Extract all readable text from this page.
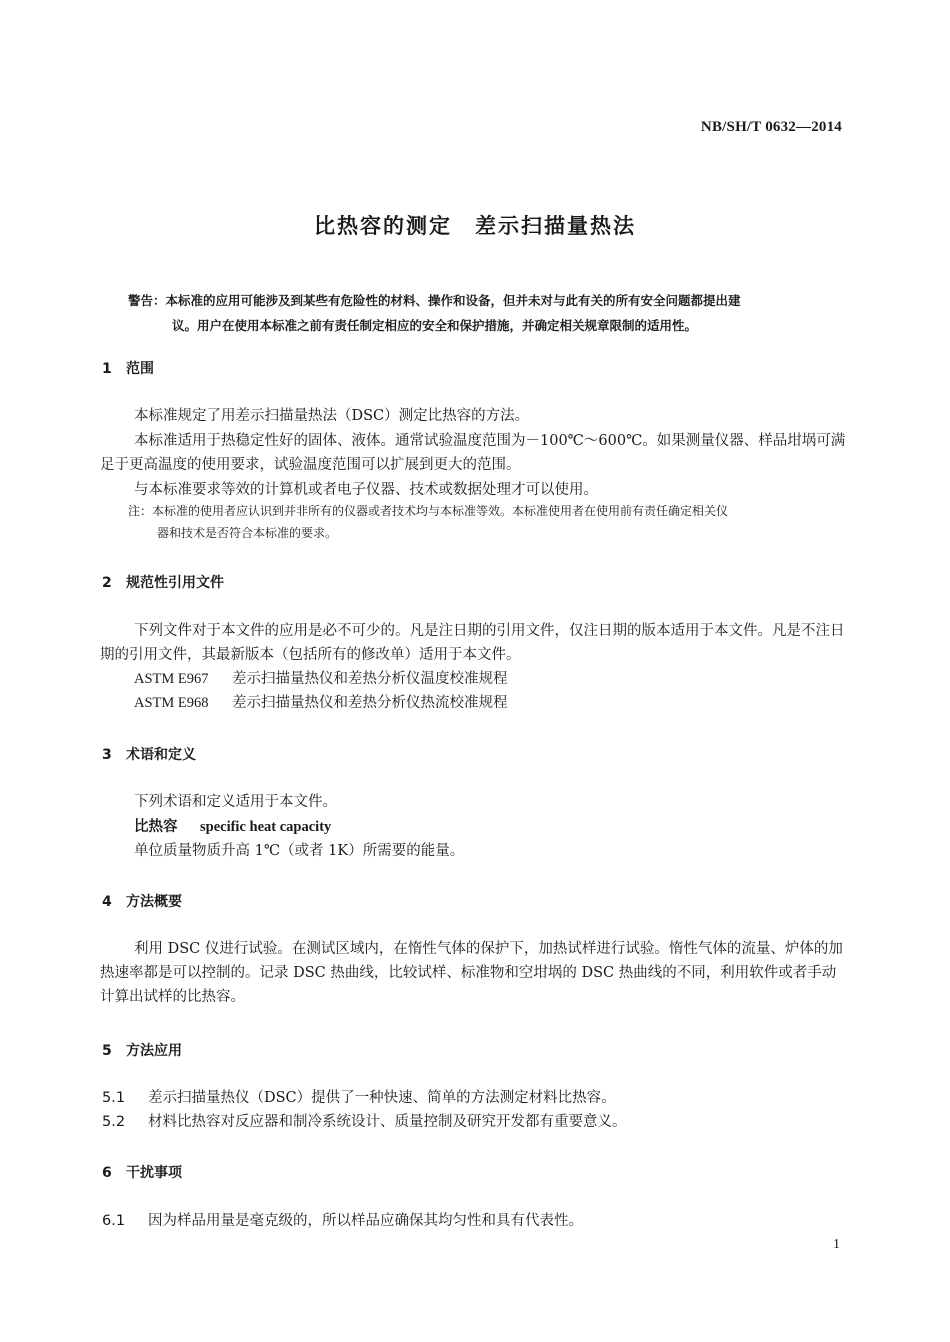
NB/SH/T 0632—2014
比热容的测定　差示扫描量热法
警告：本标准的应用可能涉及到某些有危险性的材料、操作和设备，但并未对与此有关的所有安全问题都提出建
议。用户在使用本标准之前有责任制定相应的安全和保护措施，并确定相关规章限制的适用性。
1 范围
本标准规定了用差示扫描量热法（DSC）测定比热容的方法。
本标准适用于热稳定性好的固体、液体。通常试验温度范围为－100℃～600℃。如果测量仪器、样品坩埚可满足于更高温度的使用要求，试验温度范围可以扩展到更大的范围。
与本标准要求等效的计算机或者电子仪器、技术或数据处理才可以使用。
注：本标准的使用者应认识到并非所有的仪器或者技术均与本标准等效。本标准使用者在使用前有责任确定相关仪
器和技术是否符合本标准的要求。
2 规范性引用文件
下列文件对于本文件的应用是必不可少的。凡是注日期的引用文件，仅注日期的版本适用于本文件。凡是不注日期的引用文件，其最新版本（包括所有的修改单）适用于本文件。
ASTM E967 差示扫描量热仪和差热分析仪温度校准规程
ASTM E968 差示扫描量热仪和差热分析仪热流校准规程
3 术语和定义
下列术语和定义适用于本文件。
比热容 specific heat capacity
单位质量物质升高 1℃（或者 1K）所需要的能量。
4 方法概要
利用 DSC 仪进行试验。在测试区域内，在惰性气体的保护下，加热试样进行试验。惰性气体的流量、炉体的加热速率都是可以控制的。记录 DSC 热曲线，比较试样、标准物和空坩埚的 DSC 热曲线的不同，利用软件或者手动计算出试样的比热容。
5 方法应用
5.1 差示扫描量热仪（DSC）提供了一种快速、简单的方法测定材料比热容。
5.2 材料比热容对反应器和制冷系统设计、质量控制及研究开发都有重要意义。
6 干扰事项
6.1 因为样品用量是毫克级的，所以样品应确保其均匀性和具有代表性。
1
